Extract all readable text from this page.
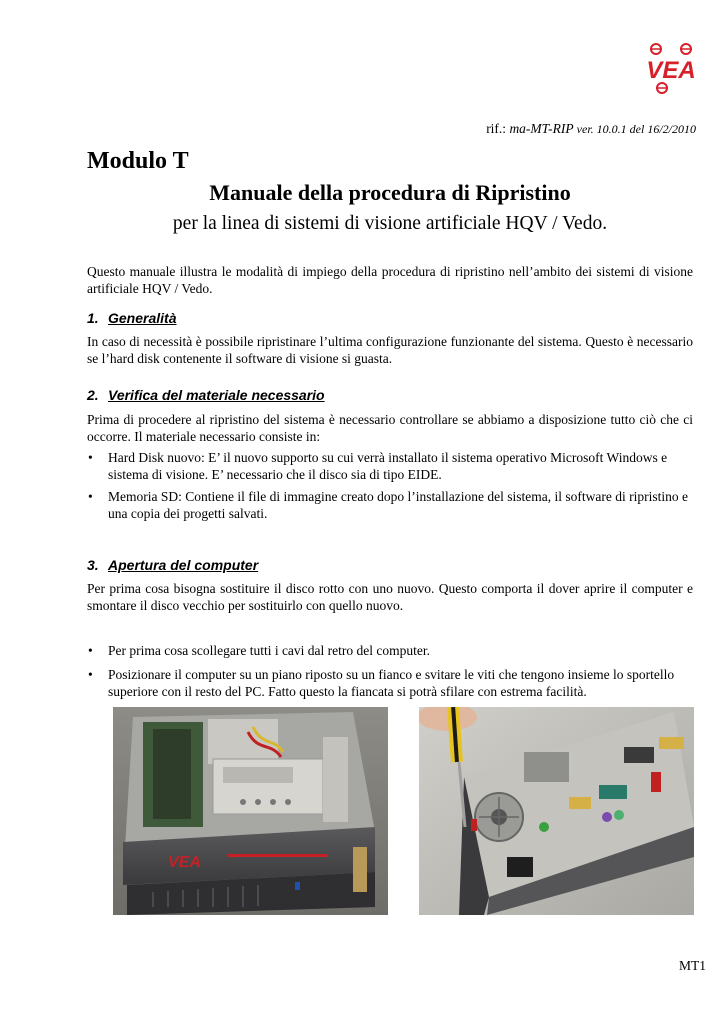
VEA
rif.: ma-MT-RIP ver. 10.0.1 del 16/2/2010
Modulo T
Manuale della procedura di Ripristino
per la linea di sistemi di visione artificiale HQV / Vedo.

Questo manuale illustra le modalità di impiego della procedura di ripristino nell’ambito dei sistemi di visione artificiale HQV / Vedo.

1. Generalità

In caso di necessità è possibile ripristinare l’ultima configurazione funzionante del sistema. Questo è necessario se l’hard disk contenente il software di visione si guasta.

2. Verifica del materiale necessario

Prima di procedere al ripristino del sistema è necessario controllare se abbiamo a disposizione tutto ciò che ci occorre. Il materiale necessario consiste in:

• Hard Disk nuovo: E’ il nuovo supporto su cui verrà installato il sistema operativo Microsoft Windows e sistema di visione. E’ necessario che il disco sia di tipo EIDE.
• Memoria SD: Contiene il file di immagine creato dopo l’installazione del sistema, il software di ripristino e una copia dei progetti salvati.
3. Apertura del computer

Per prima cosa bisogna sostituire il disco rotto con uno nuovo. Questo comporta il dover aprire il computer e smontare il disco vecchio per sostituirlo con quello nuovo.

• Per prima cosa scollegare tutti i cavi dal retro del computer.
• Posizionare il computer su un piano riposto su un fianco e svitare le viti che tengono insieme lo sportello superiore con il resto del PC. Fatto questo la fiancata si potrà sfilare con estrema facilità.
VEA
MT1
